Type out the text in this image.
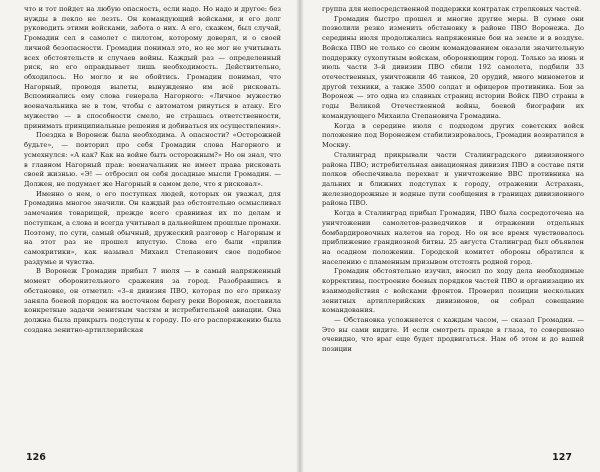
что и тот пойдет на любую опасность, если надо. Но надо и другое: без нужды в пекло не лезть. Он командующий войсками, и его долг руководить этими войсками, забота о них. А его, скажем, был случай, Громадин сел в самолет с пилотом, которому доверял, и о своей личной безопасности. Громадин понимал это, но не мог не учитывать всех обстоятельств и случаев войны. Каждый раз — определенный риск, но его оправдывает лишь необходимость. Действительно, обходилось. Но могло и не обойтись. Громадин понимал, что Нагорный, проводя вылеты, вынужденно им всё рисковать. Вспоминались ему слова генерала Нагорного: «Личное мужество военачальника не в том, чтобы с автоматом ринуться в атаку. Его мужество — в способности смело, не страшась ответственности, принимать принципиальные решения и добиваться их осуществления».

Поездка в Воронеж была необходима. А опасности? «Осторожней будьте», — повторил про себя Громадин слова Нагорного и усмехнулся: «А как? Как на войне быть осторожным?» Но он знал, что в главном Нагорный прав: военачальник не имеет права рисковать своей жизнью. «Э! — отбросил он себя досадные мысли Громадин. — Должен, не подумает же Нагорный в самом деле, что я рисковал».

Именно о нем, о его поступках людей, которых он уважал, для Громадина многое значили. Он каждый раз обстоятельно осмысливал замечания товарищей, прежде всего сравнивая их по делам и поступкам, а слова и всегда учитывал в дальнейшем прошлые промахи. Поэтому, по сути, самый обычный, дружеский разговор с Нагорным и на этот раз не прошел впустую. Слова его были «прилив самокритики», как называл Михаил Степанович свое подобное раздумье и чувства.

В Воронеж Громадин прибыл 7 июля — в самый напряженный момент оборонительного сражения за город. Разобравшись в обстановке, он отметил: «3–я дивизия ПВО, которая по его приказу заняла боевой порядок на восточном берегу реки Воронеж, поставила конкретные задачи зенитным частям и истребительной авиации. Она должна была прикрыть подступы к городу. По его распоряжению была создана зенитно-артиллерийская

126

группа для непосредственной поддержки контратак стрелковых частей.

Громадин быстро прошел и многие другие меры. В сумме они позволили резко изменить обстановку в районе ПВО Воронежа. До середины июля продолжались напряженные бои на земле и в воздухе. Войска ПВО не только со своим командованием оказали значительную поддержку сухопутным войскам, обороняющим город. Только за июнь и июль части 3–й дивизии ПВО сбили 192 самолета, подбили 33 отечественных, уничтожили 46 танков, 20 орудий, много минометов и другой техники, а также 3500 солдат и офицеров противника. Бои за Воронеж — это одна из славных страниц истории Войск ПВО страны в годы Великой Отечественной войны, боевой биографии их командующего Михаила Степановича Громадина.

Когда в середине июля с подходом других советских войск положение под Воронежем стабилизировалось, Громадин возвратился в Москву.

Сталинград прикрывали части Сталинградского дивизионного района ПВО; истребительная авиационная дивизия ПВО в составе пяти полков обеспечивала перехват и уничтожение ВВС противника на дальних и ближних подступах к городу, отражении Астрахань, железнодорожные и водные пути сообщения в границах дивизионного района ПВО.

Когда в Сталинград прибыл Громадин, ПВО была сосредоточена на уничтожении самолетов-разведчиков и отражении отдельных бомбардировочных налетов на город. Но он все время чувствовалось приближение грандиозной битвы. 25 августа Сталинград был объявлен на осадном положении. Городской комитет обороны обратился к населению с пламенным призывом отстоять родной город.

Громадин обстоятельно изучил, вносил по ходу дела необходимые коррективы, построение боевых порядков частей ПВО и организацию их взаимодействия с войсками фронтов. Проверил позиции нескольких зенитных артиллерийских дивизионов, он собрал совещание командования.

— Обстановка усложняется с каждым часом, — сказал Громадин. — Это вы сами видите. И если смотреть правде в глаза, то совершенно очевидно, что враг еще будет продвигаться. Нам об этом и до вашей позиции

127
